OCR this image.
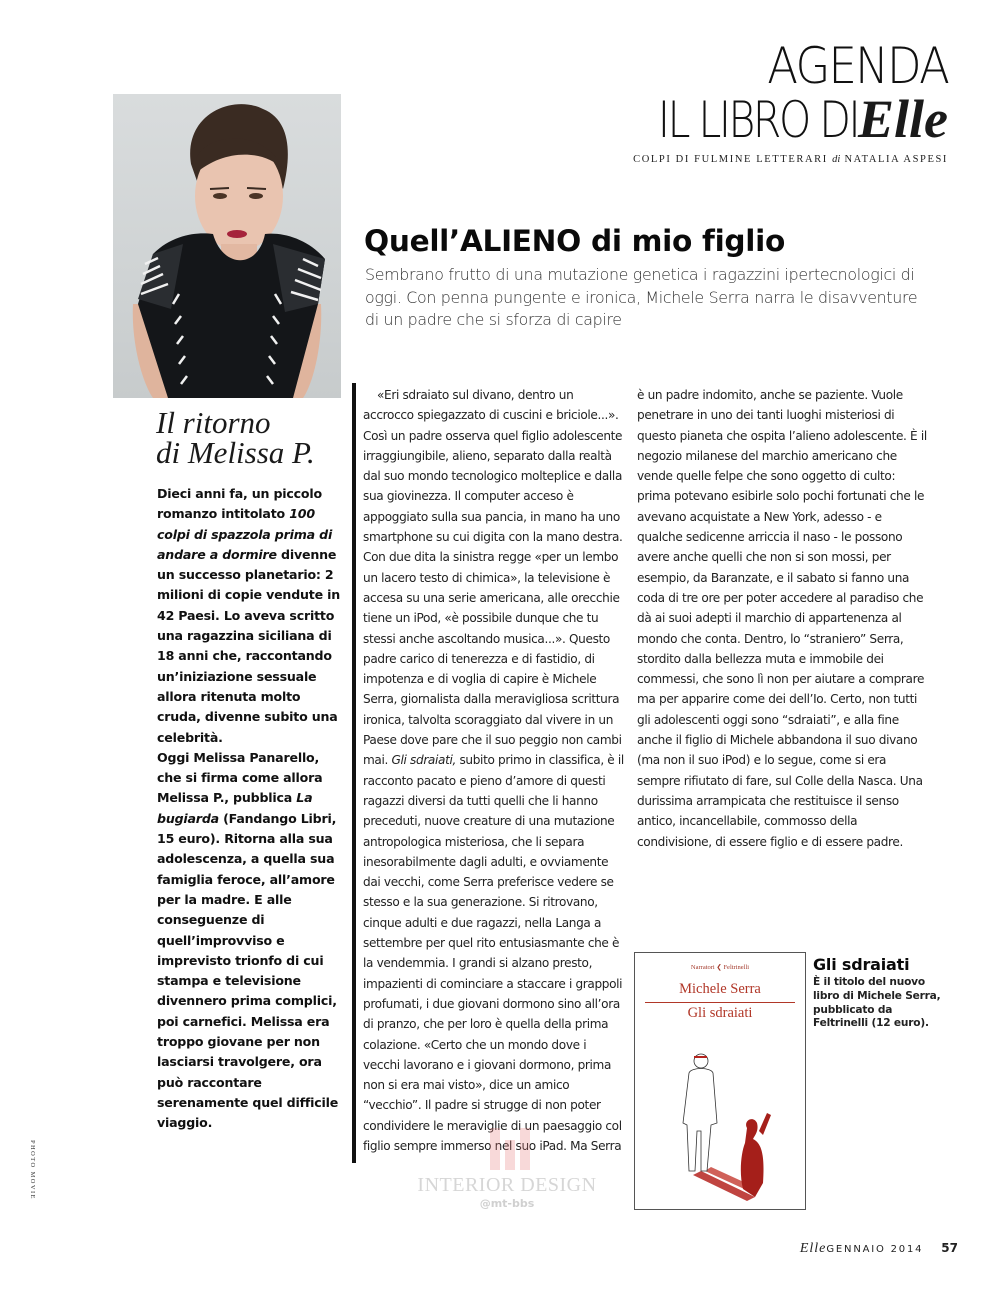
AGENDA
IL LIBRO DIElle
COLPI DI FULMINE LETTERARI di NATALIA ASPESI
Il ritorno
di Melissa P.
Dieci anni fa, un piccolo romanzo intitolato 100 colpi di spazzola prima di andare a dormire divenne un successo planetario: 2 milioni di copie vendute in 42 Paesi. Lo aveva scritto una ragazzina siciliana di 18 anni che, raccontando un’iniziazione sessuale allora ritenuta molto cruda, divenne subito una celebrità.
Oggi Melissa Panarello, che si firma come allora Melissa P., pubblica La bugiarda (Fandango Libri, 15 euro). Ritorna alla sua adolescenza, a quella sua famiglia feroce, all’amore per la madre. E alle conseguenze di quell’improvviso e imprevisto trionfo di cui stampa e televisione divennero prima complici, poi carnefici. Melissa era troppo giovane per non lasciarsi travolgere, ora può raccontare serenamente quel difficile viaggio.
Quell’ALIENO di mio figlio
Sembrano frutto di una mutazione genetica i ragazzini ipertecnologici di oggi. Con penna pungente e ironica, Michele Serra narra le disavventure di un padre che si sforza di capire
«Eri sdraiato sul divano, dentro un accrocco spiegazzato di cuscini e briciole...». Così un padre osserva quel figlio adolescente irraggiungibile, alieno, separato dalla realtà dal suo mondo tecnologico molteplice e dalla sua giovinezza. Il computer acceso è appoggiato sulla sua pancia, in mano ha uno smartphone su cui digita con la mano destra. Con due dita la sinistra regge «per un lembo un lacero testo di chimica», la televisione è accesa su una serie americana, alle orecchie tiene un iPod, «è possibile dunque che tu stessi anche ascoltando musica...». Questo padre carico di tenerezza e di fastidio, di impotenza e di voglia di capire è Michele Serra, giornalista dalla meravigliosa scrittura ironica, talvolta scoraggiato dal vivere in un Paese dove pare che il suo peggio non cambi mai. Gli sdraiati, subito primo in classifica, è il racconto pacato e pieno d’amore di questi ragazzi diversi da tutti quelli che li hanno preceduti, nuove creature di una mutazione antropologica misteriosa, che li separa inesorabilmente dagli adulti, e ovviamente dai vecchi, come Serra preferisce vedere se stesso e la sua generazione. Si ritrovano, cinque adulti e due ragazzi, nella Langa a settembre per quel rito entusiasmante che è la vendemmia. I grandi si alzano presto, impazienti di cominciare a staccare i grappoli profumati, i due giovani dormono sino all’ora di pranzo, che per loro è quella della prima colazione. «Certo che un mondo dove i vecchi lavorano e i giovani dormono, prima non si era mai visto», dice un amico “vecchio”. Il padre si strugge di non poter condividere le meraviglie di un paesaggio col figlio sempre immerso nel suo iPad. Ma Serra
è un padre indomito, anche se paziente. Vuole penetrare in uno dei tanti luoghi misteriosi di questo pianeta che ospita l’alieno adolescente. È il negozio milanese del marchio americano che vende quelle felpe che sono oggetto di culto: prima potevano esibirle solo pochi fortunati che le avevano acquistate a New York, adesso - e qualche sedicenne arriccia il naso - le possono avere anche quelli che non si son mossi, per esempio, da Baranzate, e il sabato si fanno una coda di tre ore per poter accedere al paradiso che dà ai suoi adepti il marchio di appartenenza al mondo che conta. Dentro, lo “straniero” Serra, stordito dalla bellezza muta e immobile dei commessi, che sono lì non per aiutare a comprare ma per apparire come dei dell’Io. Certo, non tutti gli adolescenti oggi sono “sdraiati”, e alla fine anche il figlio di Michele abbandona il suo divano (ma non il suo iPod) e lo segue, come si era sempre rifiutato di fare, sul Colle della Nasca. Una durissima arrampicata che restituisce il senso antico, incancellabile, commosso della condivisione, di essere figlio e di essere padre.
Narratori ❮ Feltrinelli
Michele Serra
Gli sdraiati
Gli sdraiati
È il titolo del nuovo libro di Michele Serra, pubblicato da Feltrinelli (12 euro).
INTERIOR DESIGN
@mt-bbs
PHOTO MOVIE
ElleGENNAIO 2014 57
